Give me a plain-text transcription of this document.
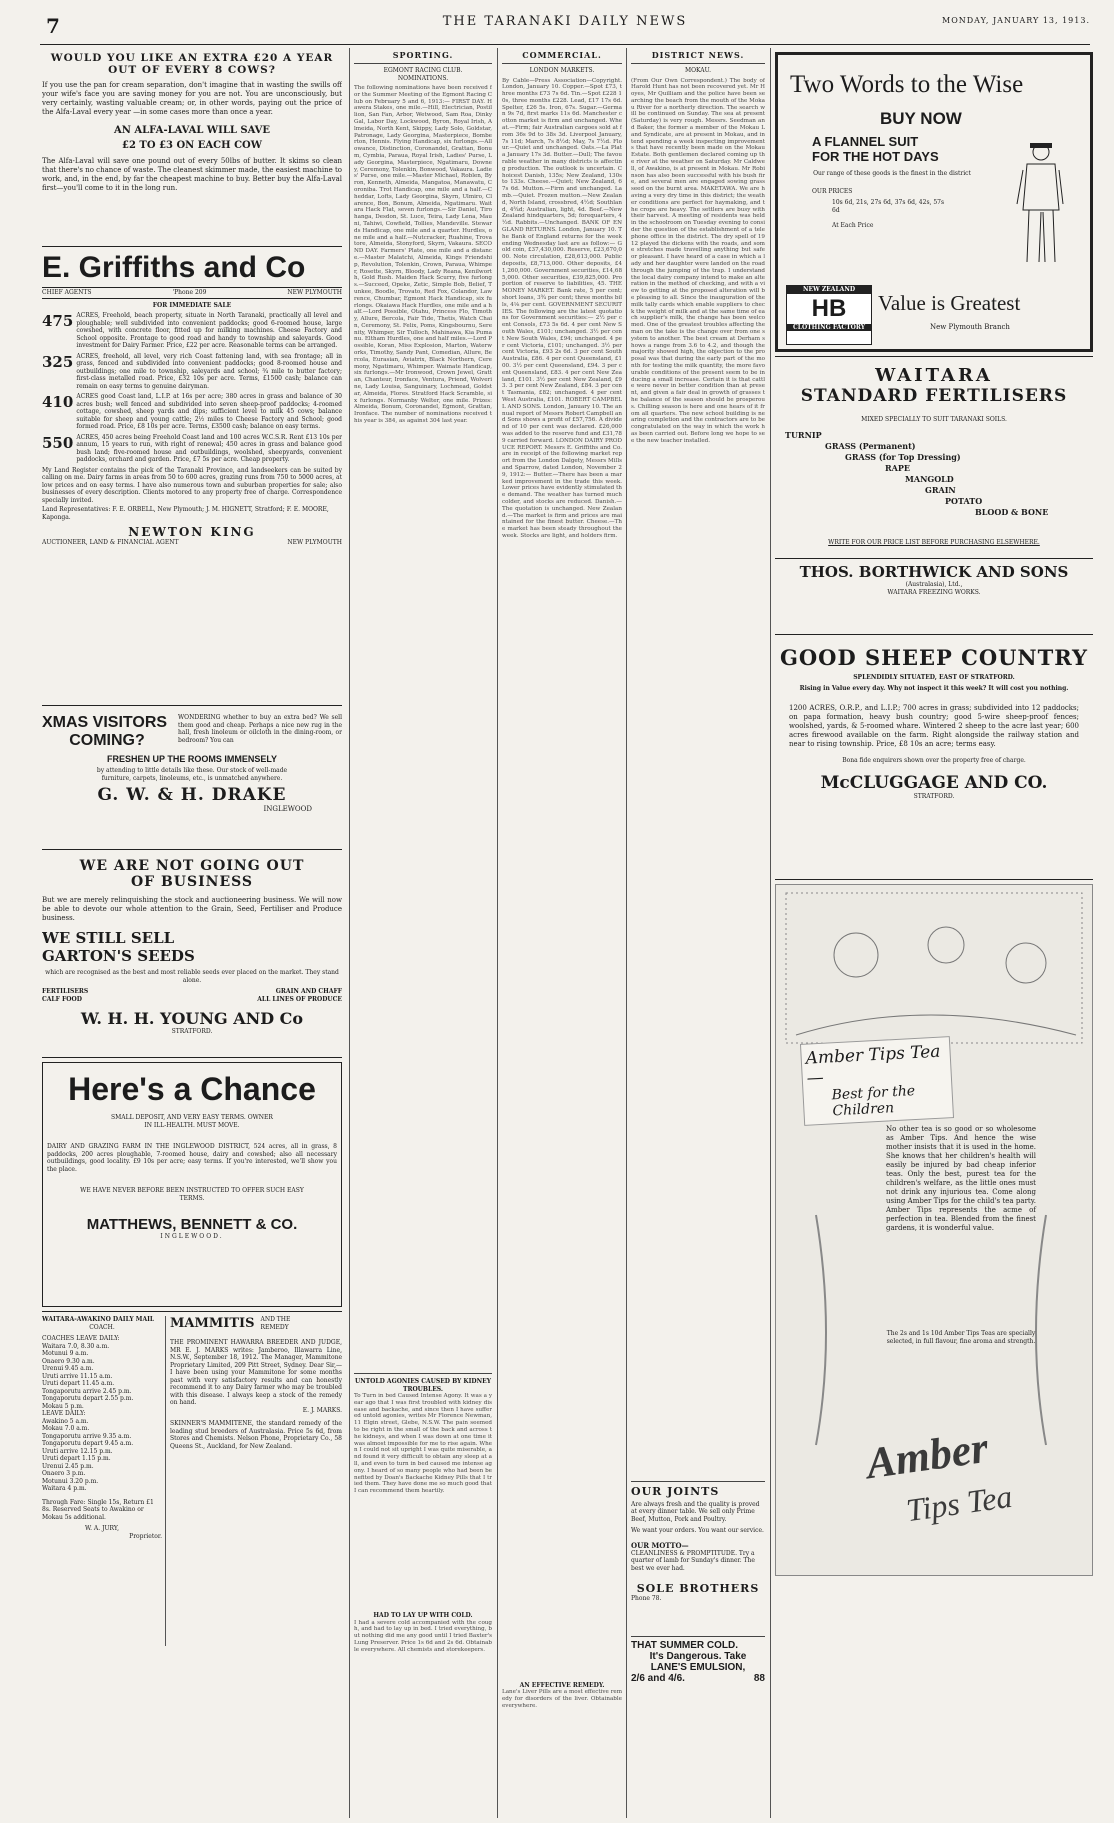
7	THE TARANAKI DAILY NEWS	MONDAY, JANUARY 13, 1913.
WOULD YOU LIKE AN EXTRA £20 A YEAR
OUT OF EVERY 8 COWS?
If you use the pan for cream separation, don't imagine that in wasting the swills off your wife's face you are saving money for you are not. You are unconsciously, but very certainly, wasting valuable cream; or, in other words, paying out the price of the Alfa-Laval every year —in some cases more than once a year.
AN ALFA-LAVAL WILL SAVE
£2 TO £3 ON EACH COW
The Alfa-Laval will save one pound out of every 50lbs of butter. It skims so clean that there's no chance of waste. The cleanest skimmer made, the easiest machine to work, and, in the end, by far the cheapest machine to buy. Better buy the Alfa-Laval first—you'll come to it in the long run.
E. Griffiths and Co
CHIEF AGENTS	'Phone 209	NEW PLYMOUTH
FOR IMMEDIATE SALE
475 ACRES, Freehold, beach property, situate in North Taranaki, practically all level and ploughable; well subdivided into convenient paddocks; good 6-roomed house, large cowshed, with concrete floor, fitted up for milking machines. Cheese Factory and School opposite. Frontage to good road and handy to township and saleyards. Good investment for Dairy Farmer. Price, £22 per acre. Reasonable terms can be arranged.
325 ACRES, freehold, all level, very rich Coast fattening land, with sea frontage; all in grass, fenced and subdivided into convenient paddocks; good 8-roomed house and outbuildings; one mile to township, saleyards and school; ¾ mile to butter factory; first-class metalled road. Price, £32 10s per acre. Terms, £1500 cash; balance can remain on easy terms to genuine dairyman.
410 ACRES good Coast land, L.I.P. at 16s per acre; 380 acres in grass and balance of 30 acres bush; well fenced and subdivided into seven sheep-proof paddocks; 4-roomed cottage, cowshed, sheep yards and dips; sufficient level to milk 45 cows; balance suitable for sheep and young cattle; 2½ miles to Cheese Factory and School; good formed road. Price, £8 10s per acre. Terms, £3500 cash; balance on easy terms.
550 ACRES, 450 acres being Freehold Coast land and 100 acres W.C.S.R. Rent £13 10s per annum, 15 years to run, with right of renewal; 450 acres in grass and balance good bush land; five-roomed house and outbuildings, woolshed, sheepyards, convenient paddocks, orchard and garden. Price, £7 5s per acre. Cheap property.
My Land Register contains the pick of the Taranaki Province, and landseekers can be suited by calling on me. Dairy farms in areas from 50 to 600 acres, grazing runs from 750 to 5000 acres, at low prices and on easy terms. I have also numerous town and suburban properties for sale; also businesses of every description. Clients motored to any property free of charge. Correspondence specially invited.
Land Representatives: F. E. ORBELL, New Plymouth; J. M. HIGNETT, Stratford; F. E. MOORE, Kaponga.
NEWTON KING
AUCTIONEER, LAND & FINANCIAL AGENT	NEW PLYMOUTH
XMAS VISITORS
COMING?
WONDERING whether to buy an extra bed? We sell them good and cheap. Perhaps a nice new rug in the hall, fresh linoleum or oilcloth in the dining-room, or bedroom? You can
FRESHEN UP THE ROOMS IMMENSELY
by attending to little details like these. Our stock of well-made furniture, carpets, linoleums, etc., is unmatched anywhere.
G. W. & H. DRAKE
INGLEWOOD
WE ARE NOT GOING OUT
OF BUSINESS
But we are merely relinquishing the stock and auctioneering business. We will now be able to devote our whole attention to the Grain, Seed, Fertiliser and Produce business.
WE STILL SELL
GARTON'S SEEDS
which are recognised as the best and most reliable seeds ever placed on the market. They stand alone.
FERTILISERS
CALF FOOD
GRAIN AND CHAFF
ALL LINES OF PRODUCE
W. H. H. YOUNG AND Co
STRATFORD.
Here's a Chance
SMALL DEPOSIT, AND VERY EASY TERMS. OWNER IN ILL-HEALTH. MUST MOVE.
DAIRY AND GRAZING FARM IN THE INGLEWOOD DISTRICT, 524 acres, all in grass, 8 paddocks, 200 acres ploughable, 7-roomed house, dairy and cowshed; also all necessary outbuildings, good locality. £9 10s per acre; easy terms. If you're interested, we'll show you the place.
WE HAVE NEVER BEFORE BEEN INSTRUCTED TO OFFER SUCH EASY TERMS.
MATTHEWS, BENNETT & CO.
INGLEWOOD.
WAITARA-AWAKINO DAILY MAIL
COACH.
COACHES LEAVE DAILY:
Waitara 7.0, 8.30 a.m.
Motunui 9 a.m.
Onaero 9.30 a.m.
Urenui 9.45 a.m.
Uruti arrive 11.15 a.m.
Uruti depart 11.45 a.m.
Tongaporutu arrive 2.45 p.m.
Tongaporutu depart 2.55 p.m.
Mokau 5 p.m.
LEAVE DAILY:
Awakino 5 a.m.
Mokau 7.0 a.m.
Tongaporutu arrive 9.35 a.m.
Tongaporutu depart 9.45 a.m.
Uruti arrive 12.15 p.m.
Uruti depart 1.15 p.m.
Urenui 2.45 p.m.
Onaero 3 p.m.
Motunui 3.20 p.m.
Waitara 4 p.m.
Through Fare: Single 15s, Return £1 8s. Reserved Seats to Awakino or Mokau 5s additional.
W. A. JURY,
Proprietor.
MAMMITIS AND THE REMEDY
THE PROMINENT HAWARRA BREEDER AND JUDGE, MR E. J. MARKS writes: Jamberoo, Illawarra Line, N.S.W., September 18, 1912. The Manager, Mammitone Proprietary Limited, 209 Pitt Street, Sydney. Dear Sir,—I have been using your Mammitone for some months past with very satisfactory results and can honestly recommend it to any Dairy farmer who may be troubled with this disease. I always keep a stock of the remedy on hand.
E. J. MARKS.
SKINNER'S MAMMITENE, the standard remedy of the leading stud breeders of Australasia. Price 5s 6d, from Stores and Chemists. Nelson Phone, Proprietary Co., 58 Queens St., Auckland, for New Zealand.
SPORTING.
EGMONT RACING CLUB.
NOMINATIONS.
The following nominations have been received for the Summer Meeting of the Egmont Racing Club on February 5 and 6, 1913:— FIRST DAY. Hawera Stakes, one mile.—Hill, Electrician, Postillion, San Fan, Arbor, Wetwood, Sam Roa, Dinky Gal, Labor Day, Lockwood, Byron, Royal Irish, Almeida, North Kent, Skippy, Lady Solo, Goldstar, Patronage, Lady Georgina, Masterpiece, Bomberton, Hennis. Flying Handicap, six furlongs.—Allowance, Distinction, Coronandel, Grattan, Bonum, Cymbia, Paraua, Royal Irish, Ladies' Purse, Lady Georgina, Masterpiece, Ngatimaru, Downey, Ceremony, Tolenkin, Bonwood, Vakaura. Ladies' Purse, one mile.—Master Michael, Roblen, Byron, Kenneth, Almeida, Mangatoa, Manawatu, Coroniba. Trot Handicap, one mile and a half.—Cheddar, Lofts, Lady Georgina, Skyrn, Ulmiro, Clarence, Bon, Bonum, Almeida, Ngatimaru. Waitara Hack Flat, seven furlongs.—Sir Daniel, Tirohanga, Desdon, St. Luce, Teira, Lady Lena, Mauni, Tahiwi, Cowfield, Tollies, Mandeville. Stewards Handicap, one mile and a quarter. Hurdles, one mile and a half.—Nutcracker, Ruahine, Trovatore, Almeida, Stonyford, Skyrn, Vakaura. SECOND DAY. Farmers' Plate, one mile and a distance.—Master Malatchi, Almeida, Kings Friendship, Revolution, Tolenkin, Crown, Paraua, Whimper, Rosette, Skyrn, Bloody, Lady Reana, Kenilworth, Gold Rush. Maiden Hack Scurry, five furlongs.—Succeed, Opeke, Zetic, Simple Bob, Belief, Tunkee, Boodle, Trovato, Red Fox, Colandor, Lawrence, Chumbar, Egmont Hack Handicap, six furlongs. Okaiawa Hack Hurdles, one mile and a half.—Lord Possible, Otahu, Princess Flo, Timothy, Allure, Bercola, Fair Tide, Thetis, Watch Chain, Ceremony, St. Felix, Poms, Kingsbournu, Serenity, Whimper, Sir Tulloch, Mahinawa, Kia Pumanu. Eltham Hurdles, one and half miles.—Lord Possible, Koran, Miss Explosion, Marton, Waterworks, Timothy, Sandy Pant, Comedian, Allure, Bercola, Eurasian, Aviatrix, Black Northern, Ceremony, Ngatimaru, Whimper. Waimate Handicap, six furlongs.—Mr Ironwood, Crown Jewel, Grattan, Chanteur, Ironface, Ventura, Priend, Wolverine, Lady Louisa, Sanguinary, Lochmead, Goldstar, Almeida, Flores. Stratford Hack Scramble, six furlongs. Normanby Welter, one mile. Prizes: Almeida, Bonum, Coronandel, Egmont, Grattan, Ironface. The number of nominations received this year is 384, as against 304 last year.
UNTOLD AGONIES CAUSED BY KIDNEY TROUBLES.
To Turn in bed Caused Intense Agony. It was a year ago that I was first troubled with kidney disease and backache, and since then I have suffered untold agonies, writes Mr Florence Newman, 11 Elgin street, Glebe, N.S.W. The pain seemed to be right in the small of the back and across the kidneys, and when I was down at one time it was almost impossible for me to rise again. When I could not sit upright I was quite miserable, and found it very difficult to obtain any sleep at all, and even to turn in bed caused me intense agony. I heard of so many people who had been benefited by Doan's Backache Kidney Pills that I tried them. They have done me so much good that I can recommend them heartily.
HAD TO LAY UP WITH COLD.
I had a severe cold accompanied with the cough, and had to lay up in bed. I tried everything, but nothing did me any good until I tried Baxter's Lung Preserver. Price 1s 6d and 2s 6d. Obtainable everywhere. All chemists and storekeepers.
COMMERCIAL.
LONDON MARKETS.
By Cable—Press Association—Copyright. London, January 10. Copper.—Spot £73, three months £73 7s 6d. Tin.—Spot £228 10s, three months £228. Lead, £17 17s 6d. Spelter, £26 5s. Iron, 67s. Sugar.—German 9s 7d, first marks 11s 6d. Manchester cotton market is firm and unchanged. Wheat.—Firm; fair Australian cargoes sold at from 36s 9d to 38s 3d. Liverpool January, 7s 11d; March, 7s 8½d; May, 7s 7½d. Flour.—Quiet and unchanged. Oats.—La Plata January 17s 3d. Butter.—Dull; The favourable weather in many districts is affecting production. The outlook is uncertain. Choicest Danish, 135s; New Zealand, 130s to 133s. Cheese.—Quiet; New Zealand, 67s 6d. Mutton.—Firm and unchanged. Lamb.—Quiet. Frozen mutton.—New Zealand, North Island, crossbred, 4½d; Southland, 4¾d; Australian, light, 4d. Beef.—New Zealand hindquarters, 5d; forequarters, 4½d. Rabbits.—Unchanged. BANK OF ENGLAND RETURNS. London, January 10. The Bank of England returns for the week ending Wednesday last are as follow:— Gold coin, £37,430,000. Reserve, £23,670,000. Note circulation, £28,613,000. Public deposits, £8,713,000. Other deposits, £41,260,000. Government securities, £14,685,000. Other securities, £39,825,000. Proportion of reserve to liabilities, 45. THE MONEY MARKET. Bank rate, 5 per cent; short loans, 3¾ per cent; three months bills, 4⅛ per cent. GOVERNMENT SECURITIES. The following are the latest quotations for Government securities:— 2½ per cent Consols, £73 5s 6d. 4 per cent New South Wales, £101; unchanged. 3½ per cent New South Wales, £94; unchanged. 4 per cent Victoria, £101; unchanged. 3½ per cent Victoria, £93 2s 6d. 3 per cent South Australia, £86. 4 per cent Queensland, £100. 3½ per cent Queensland, £94. 3 per cent Queensland, £83. 4 per cent New Zealand, £101. 3½ per cent New Zealand, £93. 3 per cent New Zealand, £84. 3 per cent Tasmania, £82; unchanged. 4 per cent West Australia, £101. ROBERT CAMPBELL AND SONS. London, January 10. The annual report of Messrs Robert Campbell and Sons shows a profit of £57,756. A dividend of 10 per cent was declared. £26,000 was added to the reserve fund and £31,789 carried forward. LONDON DAIRY PRODUCE REPORT. Messrs E. Griffiths and Co. are in receipt of the following market report from the London Dalgety, Messrs Mills and Sparrow, dated London, November 29, 1912:— Butter.—There has been a marked improvement in the trade this week. Lower prices have evidently stimulated the demand. The weather has turned much colder, and stocks are reduced. Danish.—The quotation is unchanged. New Zealand.—The market is firm and prices are maintained for the finest butter. Cheese.—The market has been steady throughout the week. Stocks are light, and holders firm.
AN EFFECTIVE REMEDY.
Lane's Liver Pills are a most effective remedy for disorders of the liver. Obtainable everywhere.
DISTRICT NEWS.
MOKAU.
(From Our Own Correspondent.) The body of Harold Hunt has not been recovered yet. Mr Hoyes, Mr Quilliam and the police have been searching the beach from the mouth of the Mokau River for a northerly direction. The search will be continued on Sunday. The sea at present (Saturday) is very rough. Messrs. Seedman and Baker, the former a member of the Mokau Land Syndicate, are at present in Mokau, and intend spending a week inspecting improvements that have recently been made on the Mokau Estate. Both gentlemen declared coming up the river at the weather on Saturday. Mr Caldwell, of Awakino, is at present in Mokau. Mr Robinson has also been successful with his bush fire, and several men are engaged sowing grass seed on the burnt area. MAKETAWA. We are having a very dry time in this district; the weather conditions are perfect for haymaking, and the crops are heavy. The settlers are busy with their harvest. A meeting of residents was held in the schoolroom on Tuesday evening to consider the question of the establishment of a telephone office in the district. The dry spell of 1912 played the dickens with the roads, and some stretches made travelling anything but safe or pleasant. I have heard of a case in which a lady and her daughter were landed on the road through the jumping of the trap. I understand the local dairy company intend to make an alteration in the method of checking, and with a view to getting at the proposed alteration will be pleasing to all. Since the inauguration of the milk tally cards which enable suppliers to check the weight of milk and at the same time of each supplier's milk, the change has been welcomed. One of the greatest troubles affecting the man on the take is the change over from one system to another. The best cream at Derham shows a range from 3.6 to 4.2, and though the majority showed high, the objection to the proposal was that during the early part of the month for testing the milk quantity, the more favourable conditions of the present seem to be inducing a small increase. Certain it is that cattle were never in better condition than at present, and given a fair deal in growth of grasses the balance of the season should be prosperous. Chilling season is here and one hears of it from all quarters. The new school building is nearing completion and the contractors are to be congratulated on the way in which the work has been carried out. Before long we hope to see the new teacher installed.
OUR JOINTS
Are always fresh and the quality is proved at every dinner table. We sell only Prime Beef, Mutton, Pork and Poultry.
We want your orders. You want our service.
OUR MOTTO—
CLEANLINESS & PROMPTITUDE. Try a quarter of lamb for Sunday's dinner. The best we ever had.
SOLE BROTHERS
Phone 78.
THAT SUMMER COLD.
It's Dangerous. Take
LANE'S EMULSION,
2/6 and 4/6.	88
Two Words to the Wise
BUY NOW
A FLANNEL SUIT
FOR THE HOT DAYS
Our range of these goods is the finest in the district
OUR PRICES
10s 6d, 21s, 27s 6d, 37s 6d, 42s, 57s 6d
At Each Price
NEW ZEALAND
HB
CLOTHING FACTORY
Value is Greatest
New Plymouth Branch
WAITARA
STANDARD FERTILISERS
MIXED SPECIALLY TO SUIT TARANAKI SOILS.
TURNIP
GRASS (Permanent)
GRASS (for Top Dressing)
RAPE
MANGOLD
GRAIN
POTATO
BLOOD & BONE
WRITE FOR OUR PRICE LIST BEFORE PURCHASING ELSEWHERE.
THOS. BORTHWICK AND SONS
(Australasia), Ltd.,
WAITARA FREEZING WORKS.
GOOD SHEEP COUNTRY
SPLENDIDLY SITUATED, EAST OF STRATFORD.
Rising in Value every day. Why not inspect it this week? It will cost you nothing.
1200 ACRES, O.R.P., and L.I.P.; 700 acres in grass; subdivided into 12 paddocks; on papa formation, heavy bush country; good 5-wire sheep-proof fences; woolshed, yards, & 5-roomed whare. Wintered 2 sheep to the acre last year; 600 acres firewood available on the farm. Right alongside the railway station and near to rising township. Price, £8 10s an acre; terms easy.
Bona fide enquirers shown over the property free of charge.
McCLUGGAGE AND CO.
STRATFORD.
Amber Tips Tea—
Best for the Children
No other tea is so good or so wholesome as Amber Tips. And hence the wise mother insists that it is used in the home. She knows that her children's health will easily be injured by bad cheap inferior teas. Only the best, purest tea for the children's welfare, as the little ones must not drink any injurious tea. Come along using Amber Tips for the child's tea party. Amber Tips represents the acme of perfection in tea. Blended from the finest gardens, it is wonderful value.
The 2s and 1s 10d Amber Tips Teas are specially selected, in full flavour, fine aroma and strength.
Amber
Tips Tea
